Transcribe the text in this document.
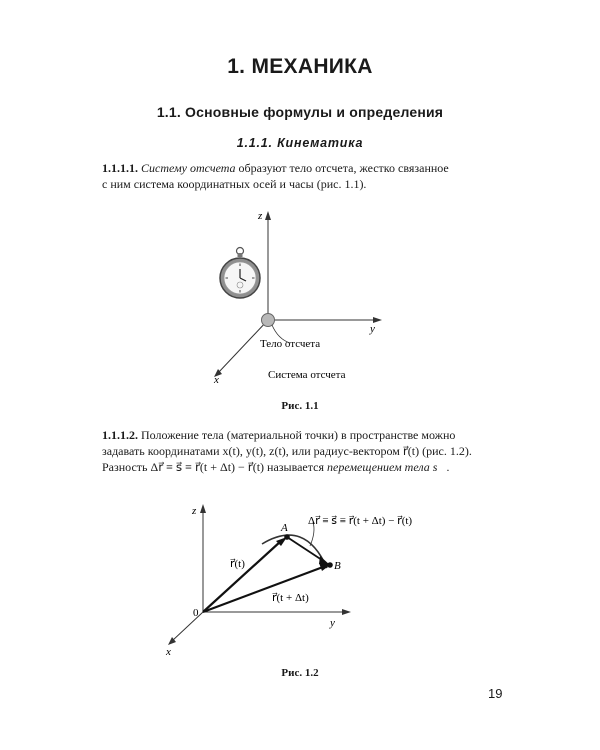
1. МЕХАНИКА
1.1. Основные формулы и определения
1.1.1. Кинематика
1.1.1.1. Систему отсчета образуют тело отсчета, жестко связанное
с ним система координатных осей и часы (рис. 1.1).
z
y
x
Тело отсчета
Система отсчета
Рис. 1.1
1.1.1.2. Положение тела (материальной точки) в пространстве можно
задавать координатами x(t), y(t), z(t), или радиус-вектором r⃗(t) (рис. 1.2).
Разность Δr⃗ ≡ s⃗ ≡ r⃗(t + Δt) − r⃗(t) называется перемещением тела s⃗.
z
y
x
0
A
B
r⃗(t)
r⃗(t + Δt)
Δr⃗ ≡ s⃗ ≡ r⃗(t + Δt) − r⃗(t)
Рис. 1.2
19
